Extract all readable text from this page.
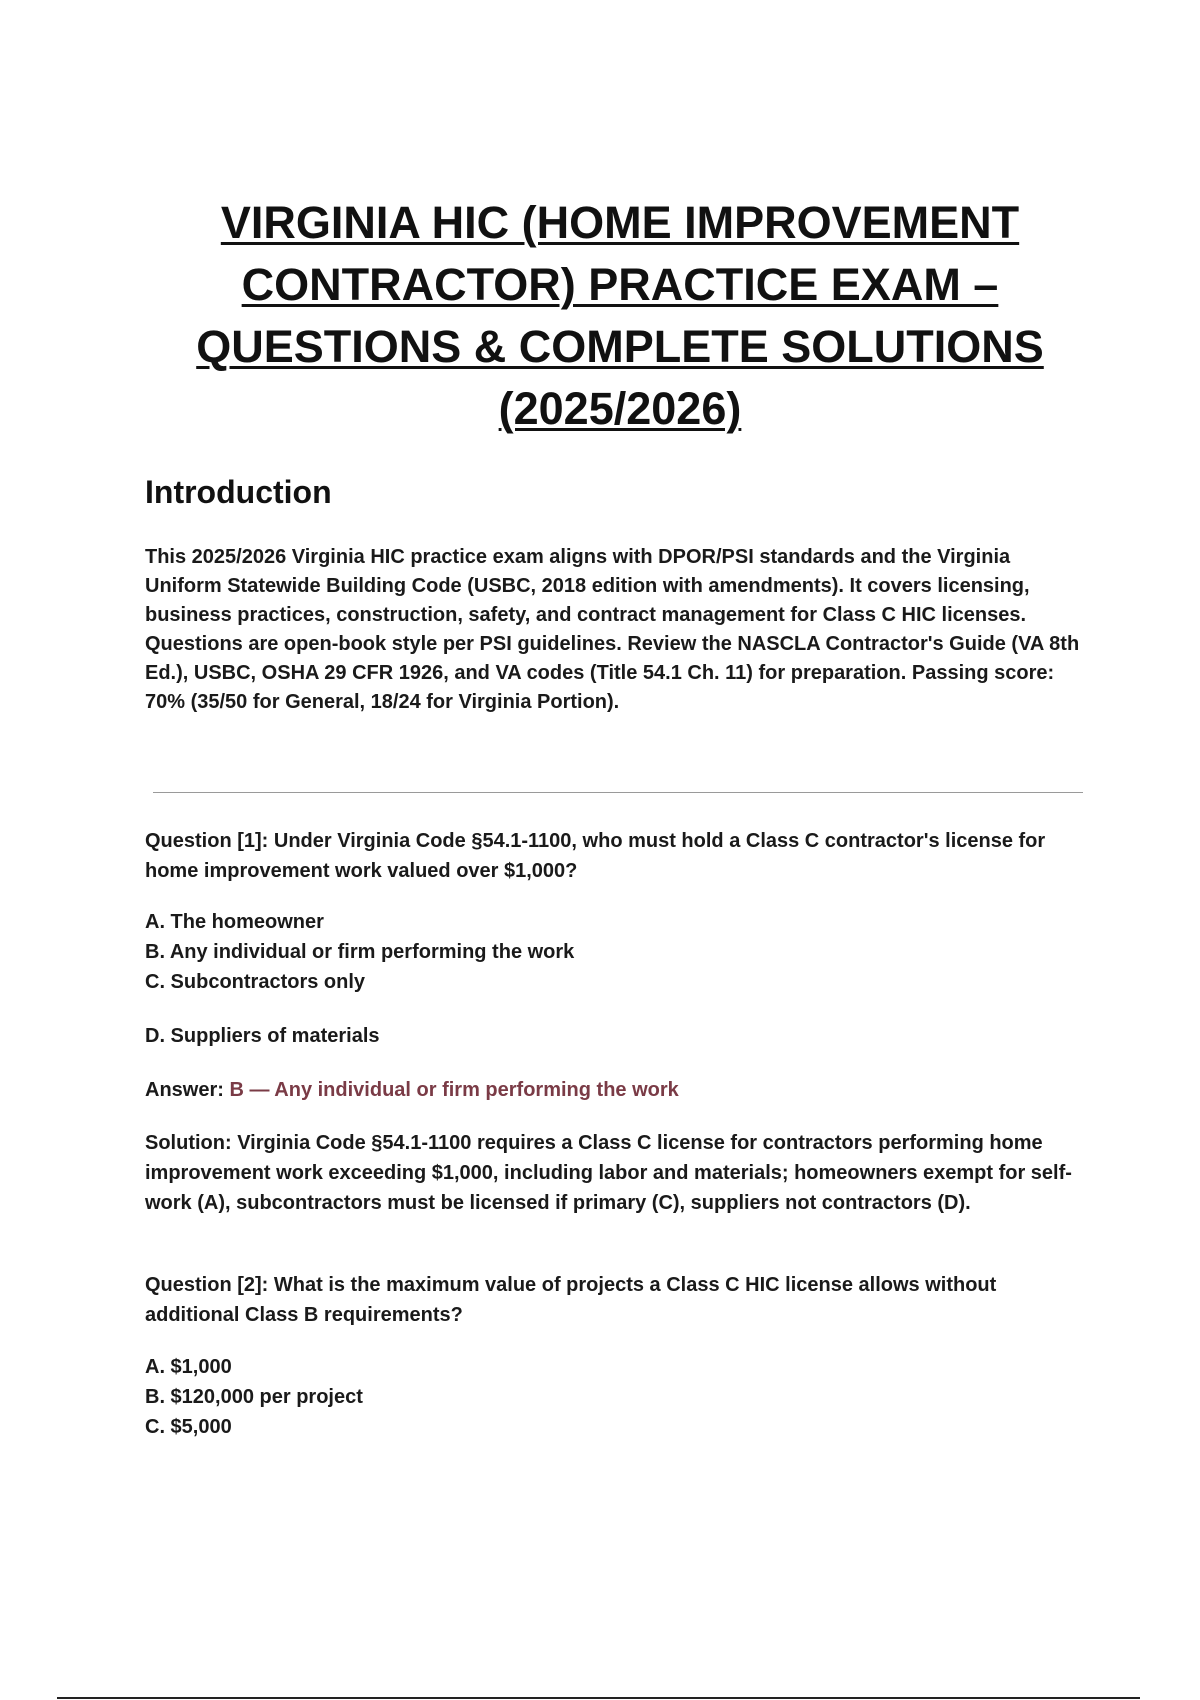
VIRGINIA HIC (HOME IMPROVEMENT
CONTRACTOR) PRACTICE EXAM –
QUESTIONS & COMPLETE SOLUTIONS
(2025/2026)
Introduction

This 2025/2026 Virginia HIC practice exam aligns with DPOR/PSI standards and the Virginia Uniform Statewide Building Code (USBC, 2018 edition with amendments). It covers licensing, business practices, construction, safety, and contract management for Class C HIC licenses. Questions are open-book style per PSI guidelines. Review the NASCLA Contractor's Guide (VA 8th Ed.), USBC, OSHA 29 CFR 1926, and VA codes (Title 54.1 Ch. 11) for preparation. Passing score: 70% (35/50 for General, 18/24 for Virginia Portion).

Question [1]: Under Virginia Code §54.1-1100, who must hold a Class C contractor's license for home improvement work valued over $1,000?

A. The homeowner
B. Any individual or firm performing the work
C. Subcontractors only

D. Suppliers of materials

Answer: B — Any individual or firm performing the work

Solution: Virginia Code §54.1-1100 requires a Class C license for contractors performing home improvement work exceeding $1,000, including labor and materials; homeowners exempt for self-work (A), subcontractors must be licensed if primary (C), suppliers not contractors (D).

Question [2]: What is the maximum value of projects a Class C HIC license allows without additional Class B requirements?

A. $1,000
B. $120,000 per project
C. $5,000
